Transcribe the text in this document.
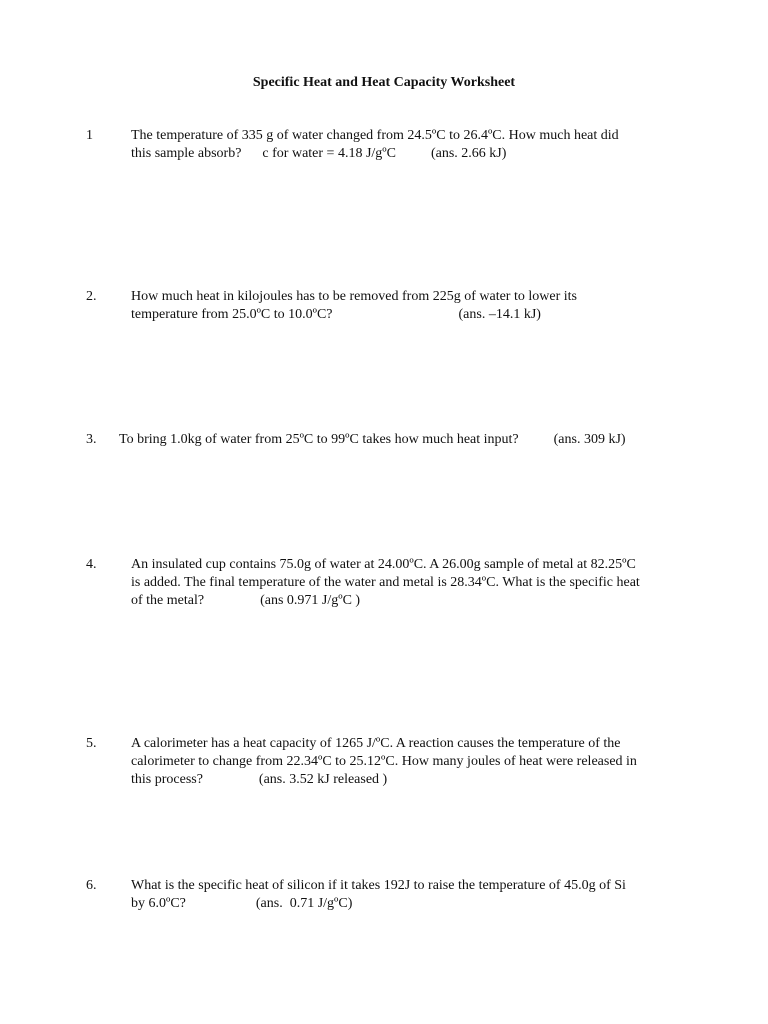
Specific Heat and Heat Capacity Worksheet
1	The temperature of 335 g of water changed from 24.5ºC to 26.4ºC. How much heat did
this sample absorb?      c for water = 4.18 J/gºC          (ans. 2.66 kJ)
2. How much heat in kilojoules has to be removed from 225g of water to lower its
temperature from 25.0ºC to 10.0ºC?                                    (ans. –14.1 kJ)
3. To bring 1.0kg of water from 25ºC to 99ºC takes how much heat input?          (ans. 309 kJ)
4. An insulated cup contains 75.0g of water at 24.00ºC. A 26.00g sample of metal at 82.25ºC
is added. The final temperature of the water and metal is 28.34ºC. What is the specific heat
of the metal?                (ans 0.971 J/gºC )
5. A calorimeter has a heat capacity of 1265 J/ºC. A reaction causes the temperature of the
calorimeter to change from 22.34ºC to 25.12ºC. How many joules of heat were released in
this process?                (ans. 3.52 kJ released )
6. What is the specific heat of silicon if it takes 192J to raise the temperature of 45.0g of Si
by 6.0ºC?                    (ans.  0.71 J/gºC)
